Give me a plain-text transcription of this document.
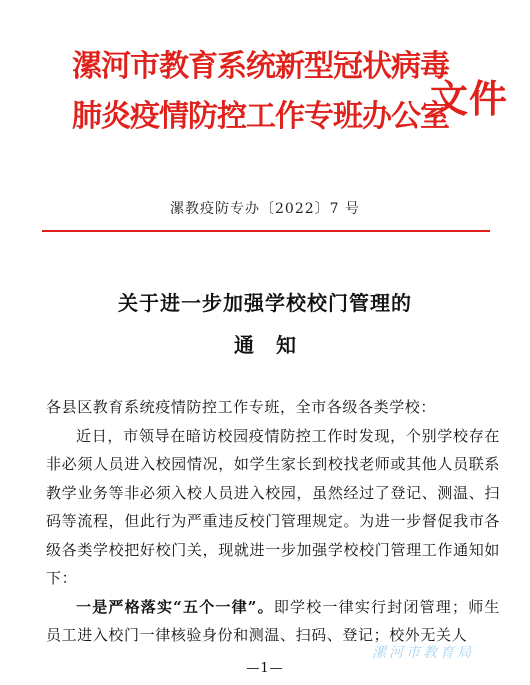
漯河市教育系统新型冠状病毒
肺炎疫情防控工作专班办公室
文件
漯教疫防专办〔2022〕7 号
关于进一步加强学校校门管理的
通知

各县区教育系统疫情防控工作专班，全市各级各类学校：

近日，市领导在暗访校园疫情防控工作时发现，个别学校存在非必须人员进入校园情况，如学生家长到校找老师或其他人员联系教学业务等非必须入校人员进入校园，虽然经过了登记、测温、扫码等流程，但此行为严重违反校门管理规定。为进一步督促我市各级各类学校把好校门关，现就进一步加强学校校门管理工作通知如下：

一是严格落实“五个一律”。即学校一律实行封闭管理；师生员工进入校门一律核验身份和测温、扫码、登记；校外无关人

漯河市教育局
—1—
